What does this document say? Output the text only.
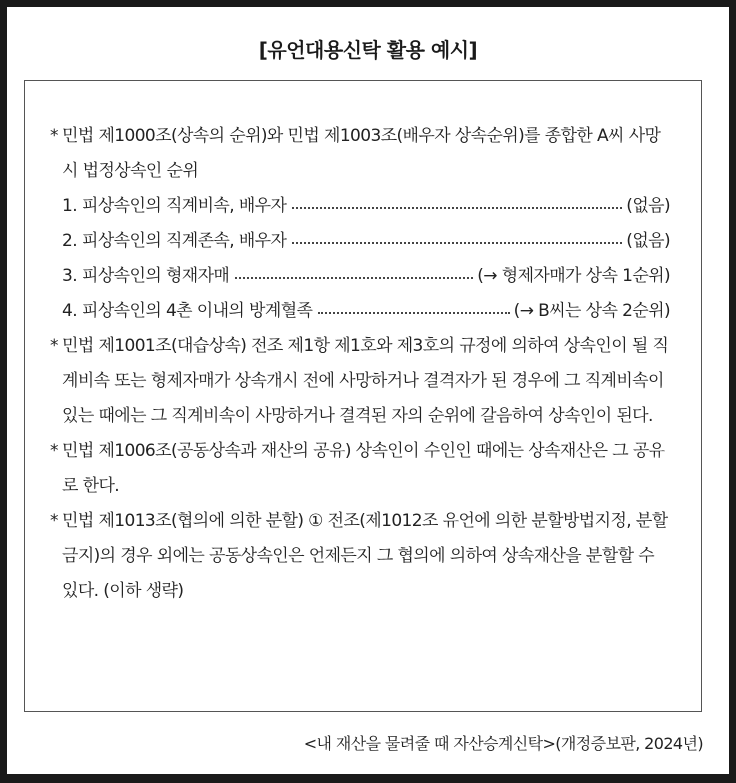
[유언대용신탁 활용 예시]
* 민법 제1000조(상속의 순위)와 민법 제1003조(배우자 상속순위)를 종합한 A씨 사망 시 법정상속인 순위
1. 피상속인의 직계비속, 배우자	(없음)
2. 피상속인의 직계존속, 배우자	(없음)
3. 피상속인의 형재자매	(→ 형제자매가 상속 1순위)
4. 피상속인의 4촌 이내의 방계혈족	(→ B씨는 상속 2순위)
* 민법 제1001조(대습상속) 전조 제1항 제1호와 제3호의 규정에 의하여 상속인이 될 직계비속 또는 형제자매가 상속개시 전에 사망하거나 결격자가 된 경우에 그 직계비속이 있는 때에는 그 직계비속이 사망하거나 결격된 자의 순위에 갈음하여 상속인이 된다.
* 민법 제1006조(공동상속과 재산의 공유) 상속인이 수인인 때에는 상속재산은 그 공유로 한다.
* 민법 제1013조(협의에 의한 분할) ① 전조(제1012조 유언에 의한 분할방법지정, 분할금지)의 경우 외에는 공동상속인은 언제든지 그 협의에 의하여 상속재산을 분할할 수 있다. (이하 생략)
<내 재산을 물려줄 때 자산승계신탁>(개정증보판, 2024년)
